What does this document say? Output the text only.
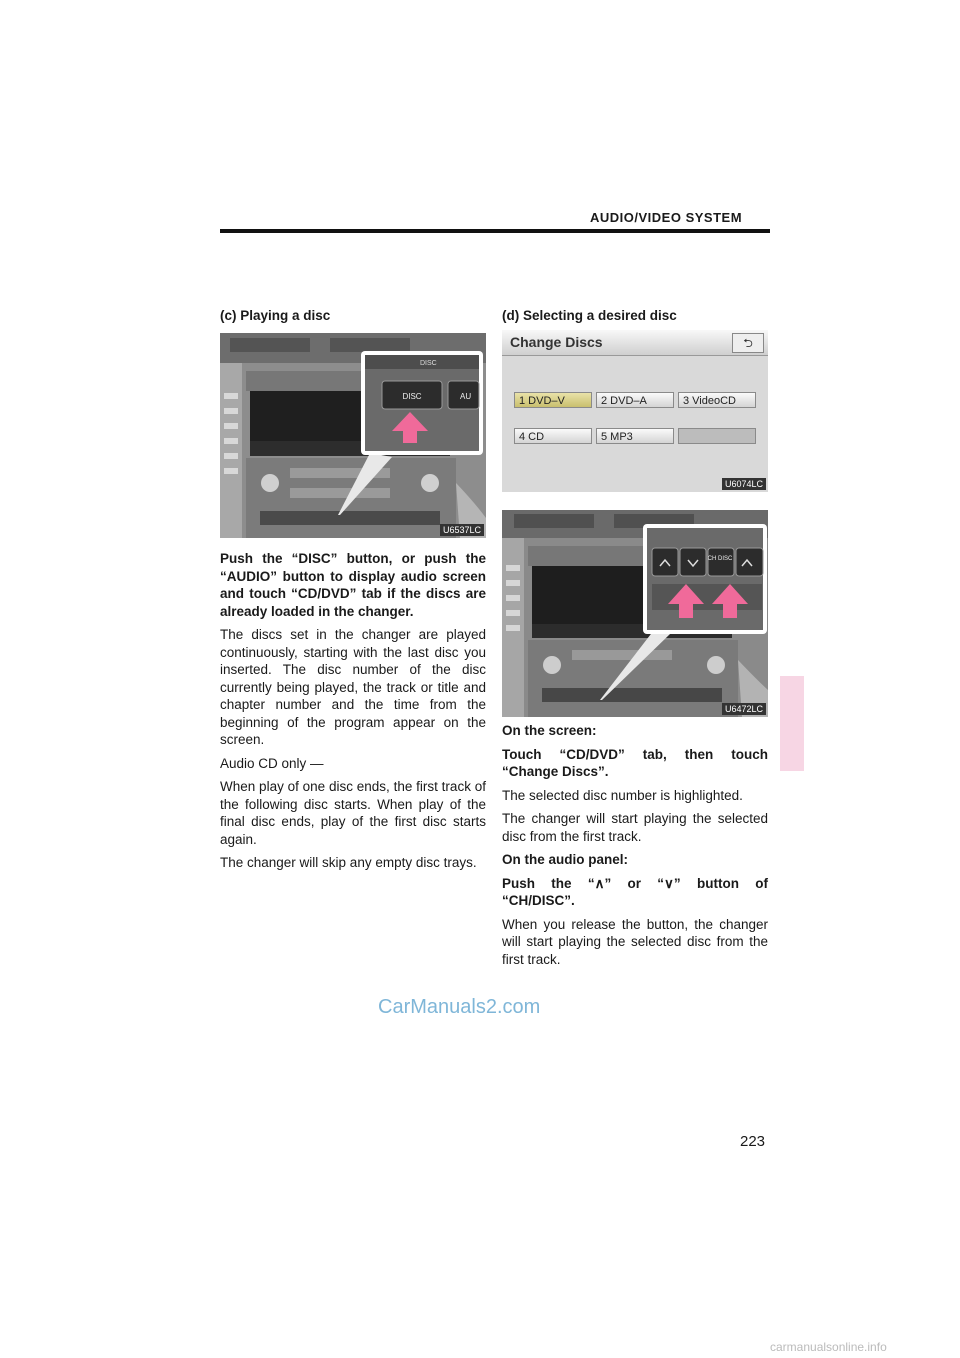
AUDIO/VIDEO SYSTEM
(c) Playing a disc
DISC	AU
DISC
U6537LC

Push the “DISC” button, or push the “AUDIO” button to display audio screen and touch “CD/DVD” tab if the discs are already loaded in the changer.

The discs set in the changer are played continuously, starting with the last disc you inserted. The disc number of the disc currently being played, the track or title and chapter number and the time from the beginning of the program appear on the screen.

Audio CD only —

When play of one disc ends, the first track of the following disc starts. When play of the final disc ends, play of the first disc starts again.

The changer will skip any empty disc trays.

(d) Selecting a desired disc
Change Discs	⮌
1 DVD–V	2 DVD–A	3 VideoCD
4 CD	5 MP3
U6074LC
CH DISC
U6472LC

On the screen:

Touch “CD/DVD” tab, then touch “Change Discs”.

The selected disc number is highlighted.

The changer will start playing the selected disc from the first track.

On the audio panel:

Push the “∧” or “∨” button of “CH/DISC”.

When you release the button, the changer will start playing the selected disc from the first track.

CarManuals2.com
223
carmanualsonline.info
